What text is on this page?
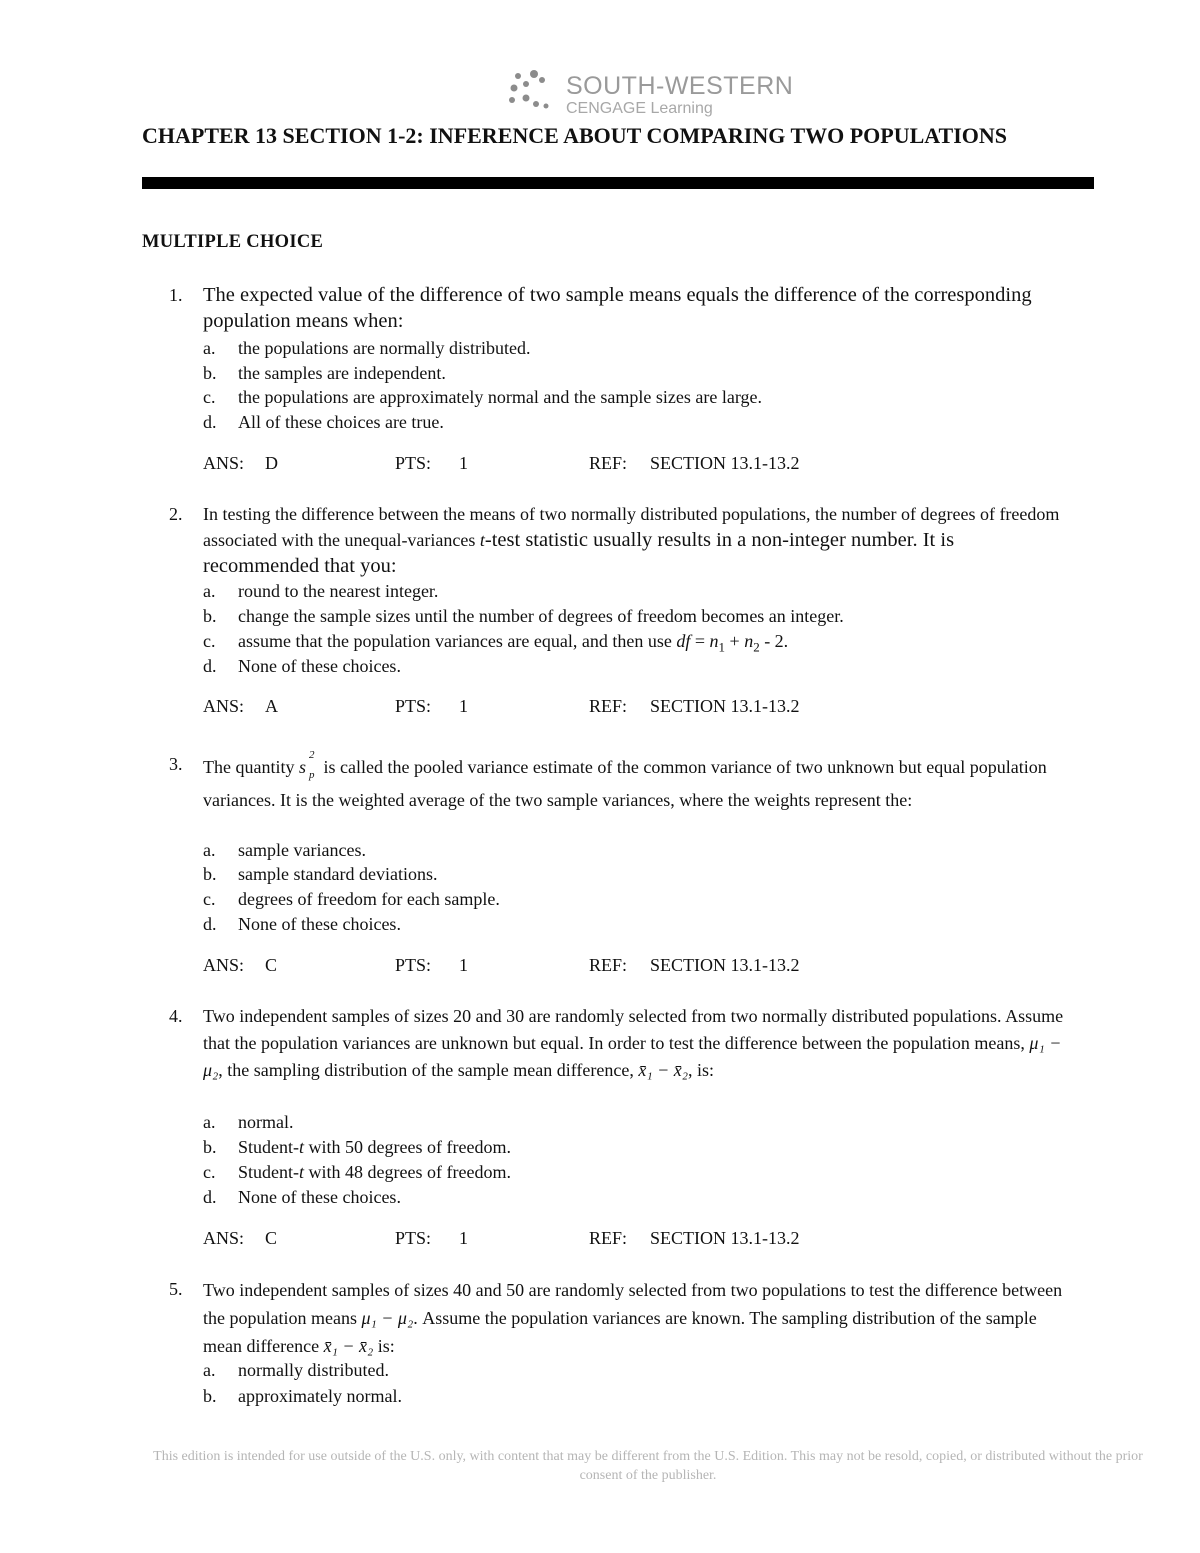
SOUTH-WESTERN
CENGAGE Learning
CHAPTER 13 SECTION 1-2: INFERENCE ABOUT COMPARING TWO POPULATIONS
MULTIPLE CHOICE
1. The expected value of the difference of two sample means equals the difference of the corresponding population means when:
a. the populations are normally distributed.
b. the samples are independent.
c. the populations are approximately normal and the sample sizes are large.
d. All of these choices are true.
ANS: D	PTS: 1	REF: SECTION 13.1-13.2
2. In testing the difference between the means of two normally distributed populations, the number of degrees of freedom associated with the unequal-variances t-test statistic usually results in a non-integer number. It is recommended that you:
a. round to the nearest integer.
b. change the sample sizes until the number of degrees of freedom becomes an integer.
c. assume that the population variances are equal, and then use df = $n_1 + n_2 - 2$.
d. None of these choices.
ANS: A	PTS: 1	REF: SECTION 13.1-13.2
3. The quantity s
2
p is called the pooled variance estimate of the common variance of two unknown but equal population variances. It is the weighted average of the two sample variances, where the weights represent the:
a. sample variances.
b. sample standard deviations.
c. degrees of freedom for each sample.
d. None of these choices.
ANS: C	PTS: 1	REF: SECTION 13.1-13.2
4. Two independent samples of sizes 20 and 30 are randomly selected from two normally distributed populations. Assume that the population variances are unknown but equal. In order to test the difference between the population means, μ₁ − μ₂, the sampling distribution of the sample mean difference, x̄₁ − x̄₂, is:
a. normal.
b. Student-t with 50 degrees of freedom.
c. Student-t with 48 degrees of freedom.
d. None of these choices.
ANS: C	PTS: 1	REF: SECTION 13.1-13.2
5. Two independent samples of sizes 40 and 50 are randomly selected from two populations to test the difference between the population means μ₁ − μ₂. Assume the population variances are known. The sampling distribution of the sample mean difference x̄₁ − x̄₂ is:
a. normally distributed.
b. approximately normal.
This edition is intended for use outside of the U.S. only, with content that may be different from the U.S. Edition. This may not be resold, copied, or distributed without the prior consent of the publisher.
